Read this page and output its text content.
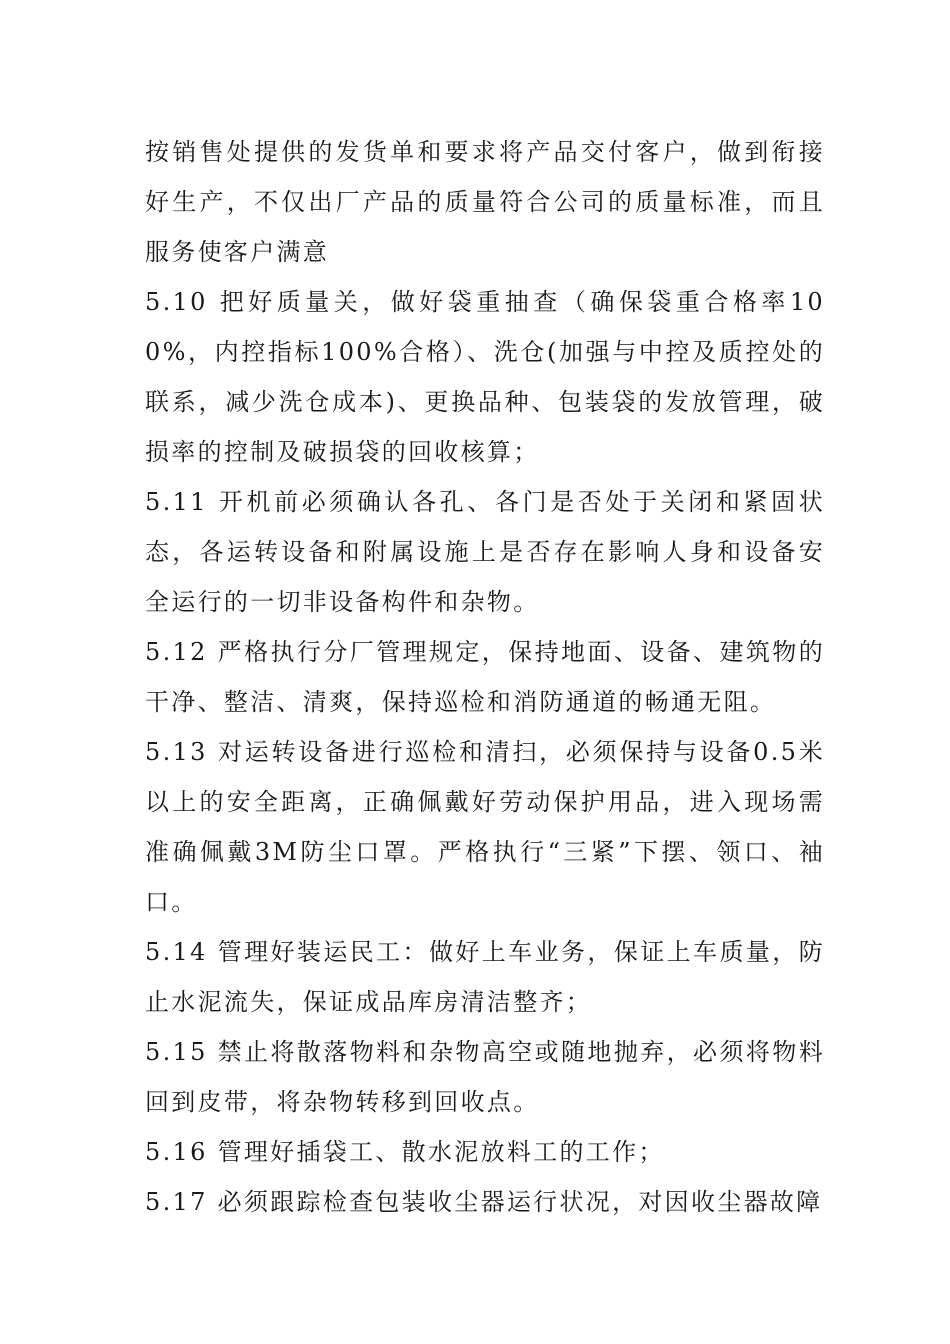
按销售处提供的发货单和要求将产品交付客户，做到衔接好生产，不仅出厂产品的质量符合公司的质量标准，而且服务使客户满意

5.10 把好质量关，做好袋重抽查（确保袋重合格率100%，内控指标100%合格）、洗仓(加强与中控及质控处的联系，减少洗仓成本)、更换品种、包装袋的发放管理，破损率的控制及破损袋的回收核算；

5.11 开机前必须确认各孔、各门是否处于关闭和紧固状态，各运转设备和附属设施上是否存在影响人身和设备安全运行的一切非设备构件和杂物。

5.12 严格执行分厂管理规定，保持地面、设备、建筑物的干净、整洁、清爽，保持巡检和消防通道的畅通无阻。

5.13 对运转设备进行巡检和清扫，必须保持与设备0.5米以上的安全距离，正确佩戴好劳动保护用品，进入现场需准确佩戴3M防尘口罩。严格执行“三紧”下摆、领口、袖口。

5.14 管理好装运民工：做好上车业务，保证上车质量，防止水泥流失，保证成品库房清洁整齐；

5.15 禁止将散落物料和杂物高空或随地抛弃，必须将物料回到皮带，将杂物转移到回收点。

5.16 管理好插袋工、散水泥放料工的工作；

5.17 必须跟踪检查包装收尘器运行状况，对因收尘器故障
